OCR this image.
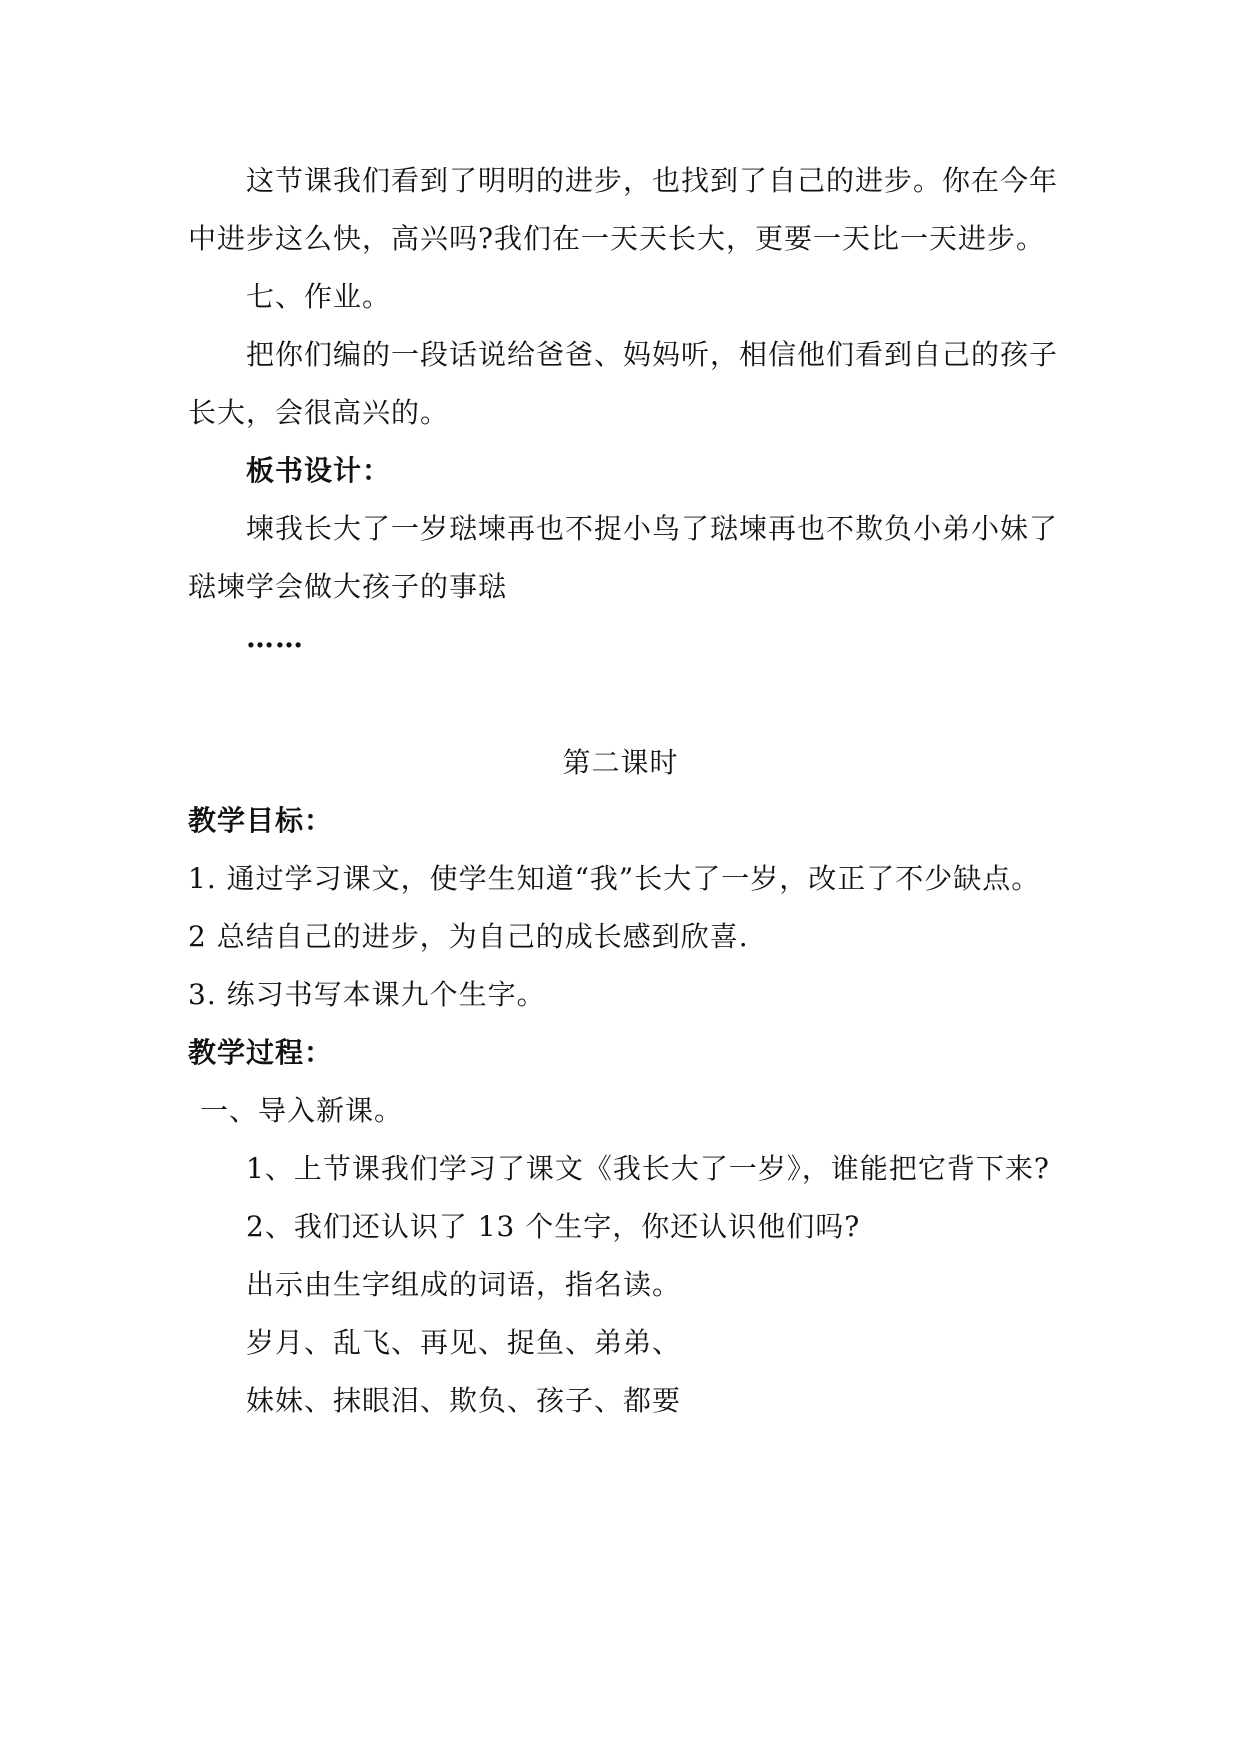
这节课我们看到了明明的进步，也找到了自己的进步。你在今年
中进步这么快，高兴吗?我们在一天天长大，更要一天比一天进步。
七、作业。
把你们编的一段话说给爸爸、妈妈听，相信他们看到自己的孩子
长大，会很高兴的。
板书设计：
堜我长大了一岁琺堜再也不捉小鸟了琺堜再也不欺负小弟小妹了
琺堜学会做大孩子的事琺
……
第二课时
教学目标：
1. 通过学习课文，使学生知道“我”长大了一岁，改正了不少缺点。
2 总结自己的进步，为自己的成长感到欣喜.
3. 练习书写本课九个生字。
教学过程：
一、导入新课。
1、上节课我们学习了课文《我长大了一岁》，谁能把它背下来?
2、我们还认识了 13 个生字，你还认识他们吗?
出示由生字组成的词语，指名读。
岁月、乱飞、再见、捉鱼、弟弟、
妹妹、抹眼泪、欺负、孩子、都要
